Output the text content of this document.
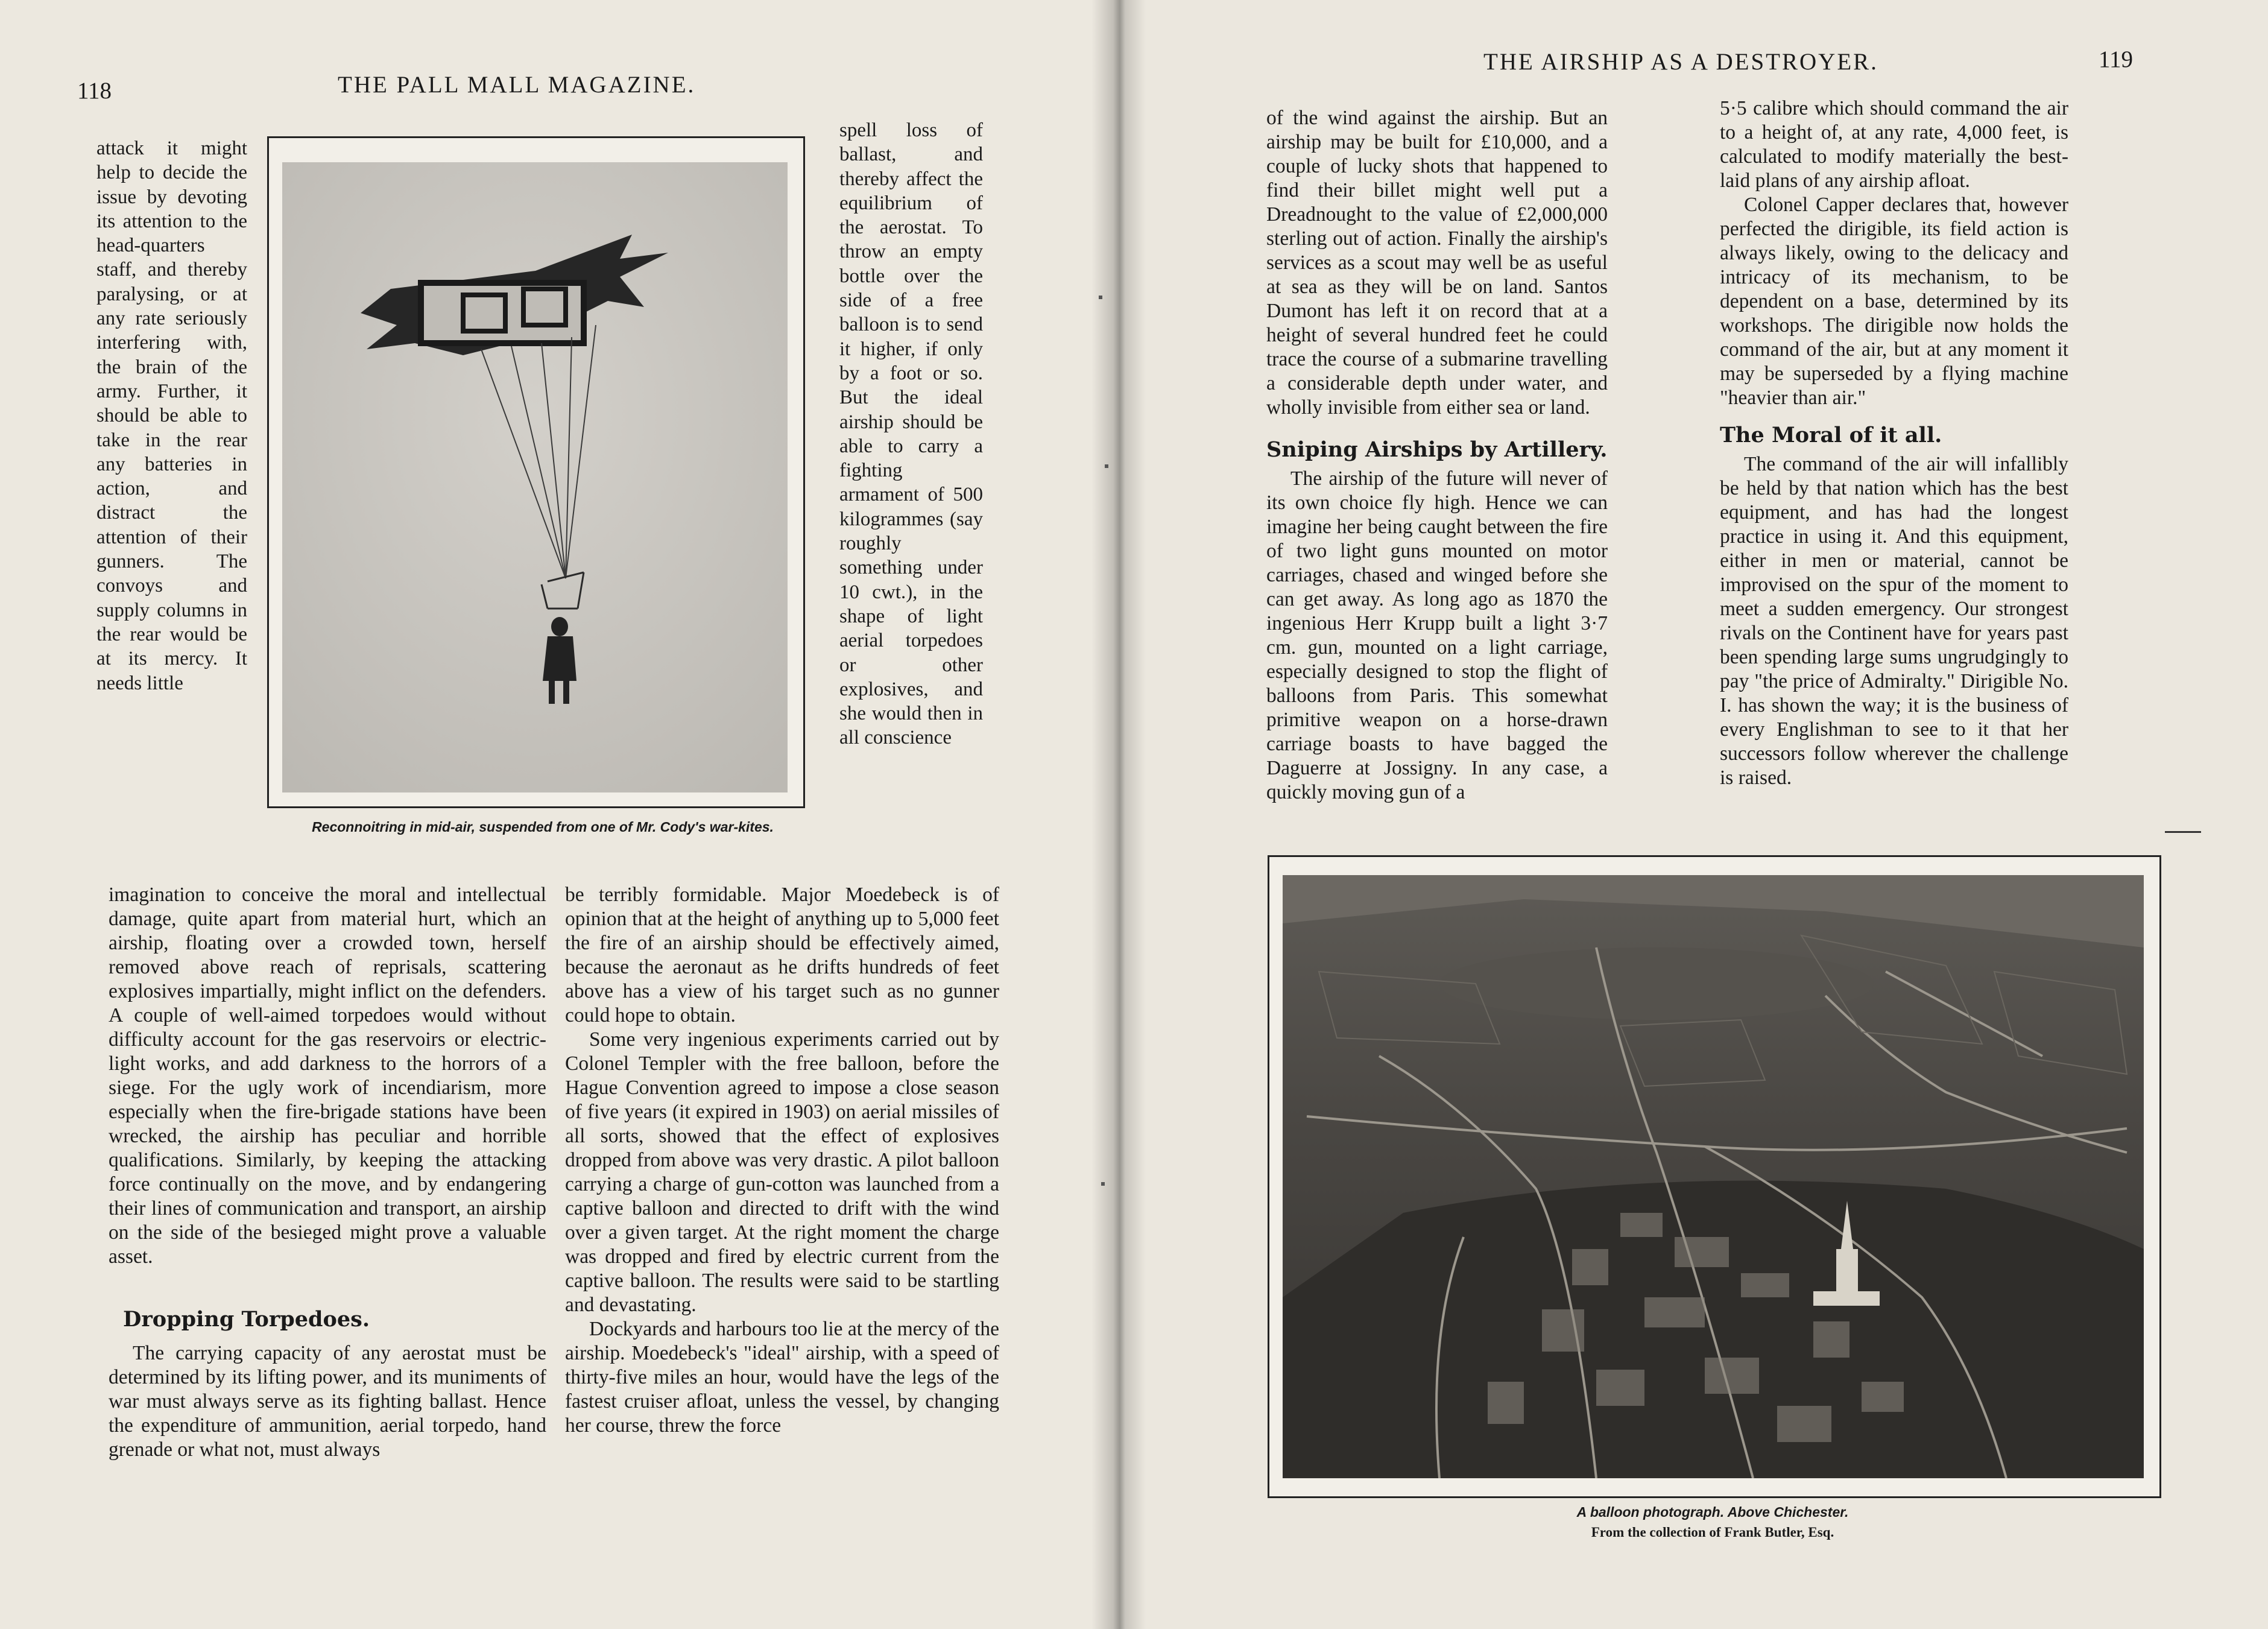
118	THE PALL MALL MAGAZINE.

attack it might help to decide the issue by devoting its attention to the head-quarters staff, and thereby paralysing, or at any rate seriously interfering with, the brain of the army. Further, it should be able to take in the rear any batteries in action, and distract the attention of their gunners. The convoys and supply columns in the rear would be at its mercy. It needs little

Reconnoitring in mid-air, suspended from one of Mr. Cody's war-kites.

spell loss of ballast, and thereby affect the equilibrium of the aerostat. To throw an empty bottle over the side of a free balloon is to send it higher, if only by a foot or so. But the ideal airship should be able to carry a fighting armament of 500 kilogrammes (say roughly something under 10 cwt.), in the shape of light aerial torpedoes or other explosives, and she would then in all conscience

imagination to conceive the moral and intellectual damage, quite apart from material hurt, which an airship, floating over a crowded town, herself removed above reach of reprisals, scattering explosives impartially, might inflict on the defenders. A couple of well-aimed torpedoes would without difficulty account for the gas reservoirs or electric-light works, and add darkness to the horrors of a siege. For the ugly work of incendiarism, more especially when the fire-brigade stations have been wrecked, the airship has peculiar and horrible qualifications. Similarly, by keeping the attacking force continually on the move, and by endangering their lines of communication and transport, an airship on the side of the besieged might prove a valuable asset.

Dropping Torpedoes.

The carrying capacity of any aerostat must be determined by its lifting power, and its muniments of war must always serve as its fighting ballast. Hence the expenditure of ammunition, aerial torpedo, hand grenade or what not, must always

be terribly formidable. Major Moedebeck is of opinion that at the height of anything up to 5,000 feet the fire of an airship should be effectively aimed, because the aeronaut as he drifts hundreds of feet above has a view of his target such as no gunner could hope to obtain.

Some very ingenious experiments carried out by Colonel Templer with the free balloon, before the Hague Convention agreed to impose a close season of five years (it expired in 1903) on aerial missiles of all sorts, showed that the effect of explosives dropped from above was very drastic. A pilot balloon carrying a charge of gun-cotton was launched from a captive balloon and directed to drift with the wind over a given target. At the right moment the charge was dropped and fired by electric current from the captive balloon. The results were said to be startling and devastating.

Dockyards and harbours too lie at the mercy of the airship. Moedebeck's "ideal" airship, with a speed of thirty-five miles an hour, would have the legs of the fastest cruiser afloat, unless the vessel, by changing her course, threw the force

THE AIRSHIP AS A DESTROYER.	119

of the wind against the airship. But an airship may be built for £10,000, and a couple of lucky shots that happened to find their billet might well put a Dreadnought to the value of £2,000,000 sterling out of action. Finally the airship's services as a scout may well be as useful at sea as they will be on land. Santos Dumont has left it on record that at a height of several hundred feet he could trace the course of a submarine travelling a considerable depth under water, and wholly invisible from either sea or land.

Sniping Airships by Artillery.

The airship of the future will never of its own choice fly high. Hence we can imagine her being caught between the fire of two light guns mounted on motor carriages, chased and winged before she can get away. As long ago as 1870 the ingenious Herr Krupp built a light 3·7 cm. gun, mounted on a light carriage, especially designed to stop the flight of balloons from Paris. This somewhat primitive weapon on a horse-drawn carriage boasts to have bagged the Daguerre at Jossigny. In any case, a quickly moving gun of a

5·5 calibre which should command the air to a height of, at any rate, 4,000 feet, is calculated to modify materially the best-laid plans of any airship afloat.

Colonel Capper declares that, however perfected the dirigible, its field action is always likely, owing to the delicacy and intricacy of its mechanism, to be dependent on a base, determined by its workshops. The dirigible now holds the command of the air, but at any moment it may be superseded by a flying machine "heavier than air."

The Moral of it all.

The command of the air will infallibly be held by that nation which has the best equipment, and has had the longest practice in using it. And this equipment, either in men or material, cannot be improvised on the spur of the moment to meet a sudden emergency. Our strongest rivals on the Continent have for years past been spending large sums ungrudgingly to pay "the price of Admiralty." Dirigible No. I. has shown the way; it is the business of every Englishman to see to it that her successors follow wherever the challenge is raised.

A balloon photograph. Above Chichester.
From the collection of Frank Butler, Esq.
